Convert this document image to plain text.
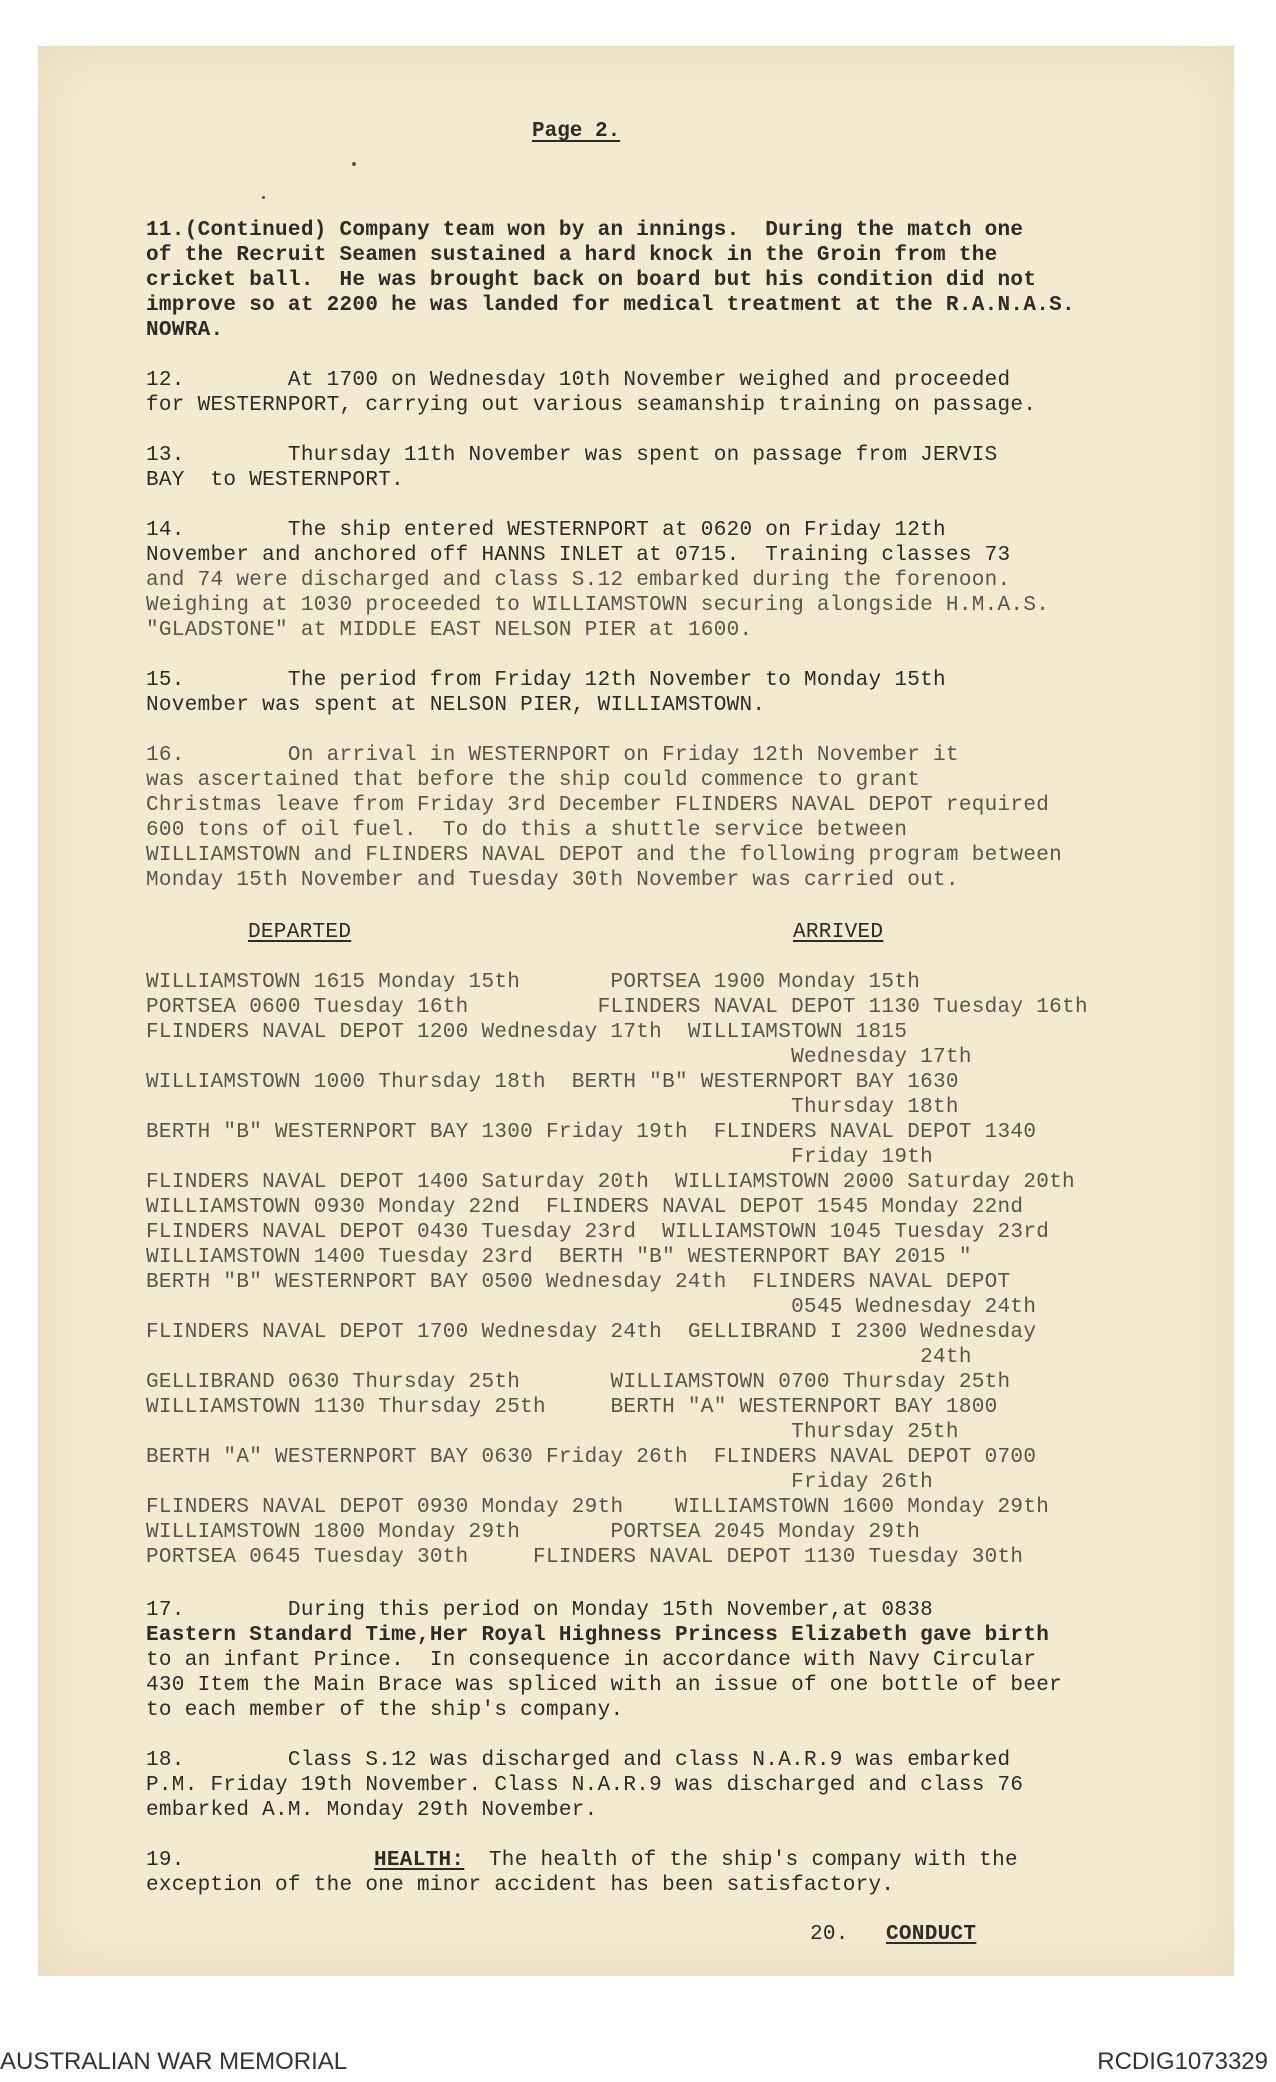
Page 2.
11.(Continued) Company team won by an innings.  During the match one
of the Recruit Seamen sustained a hard knock in the Groin from the
cricket ball.  He was brought back on board but his condition did not
improve so at 2200 he was landed for medical treatment at the R.A.N.A.S.
NOWRA.
12.        At 1700 on Wednesday 10th November weighed and proceeded
for WESTERNPORT, carrying out various seamanship training on passage.
13.        Thursday 11th November was spent on passage from JERVIS
BAY  to WESTERNPORT.
14.        The ship entered WESTERNPORT at 0620 on Friday 12th
November and anchored off HANNS INLET at 0715.  Training classes 73
and 74 were discharged and class S.12 embarked during the forenoon.
Weighing at 1030 proceeded to WILLIAMSTOWN securing alongside H.M.A.S.
"GLADSTONE" at MIDDLE EAST NELSON PIER at 1600.
15.        The period from Friday 12th November to Monday 15th
November was spent at NELSON PIER, WILLIAMSTOWN.
16.        On arrival in WESTERNPORT on Friday 12th November it
was ascertained that before the ship could commence to grant
Christmas leave from Friday 3rd December FLINDERS NAVAL DEPOT required
600 tons of oil fuel.  To do this a shuttle service between
WILLIAMSTOWN and FLINDERS NAVAL DEPOT and the following program between
Monday 15th November and Tuesday 30th November was carried out.
DEPARTED	ARRIVED
WILLIAMSTOWN 1615 Monday 15th       PORTSEA 1900 Monday 15th
PORTSEA 0600 Tuesday 16th          FLINDERS NAVAL DEPOT 1130 Tuesday 16th
FLINDERS NAVAL DEPOT 1200 Wednesday 17th  WILLIAMSTOWN 1815
Wednesday 17th
WILLIAMSTOWN 1000 Thursday 18th  BERTH "B" WESTERNPORT BAY 1630
Thursday 18th
BERTH "B" WESTERNPORT BAY 1300 Friday 19th  FLINDERS NAVAL DEPOT 1340
Friday 19th
FLINDERS NAVAL DEPOT 1400 Saturday 20th  WILLIAMSTOWN 2000 Saturday 20th
WILLIAMSTOWN 0930 Monday 22nd  FLINDERS NAVAL DEPOT 1545 Monday 22nd
FLINDERS NAVAL DEPOT 0430 Tuesday 23rd  WILLIAMSTOWN 1045 Tuesday 23rd
WILLIAMSTOWN 1400 Tuesday 23rd  BERTH "B" WESTERNPORT BAY 2015 "
BERTH "B" WESTERNPORT BAY 0500 Wednesday 24th  FLINDERS NAVAL DEPOT
0545 Wednesday 24th
FLINDERS NAVAL DEPOT 1700 Wednesday 24th  GELLIBRAND I 2300 Wednesday
24th
GELLIBRAND 0630 Thursday 25th       WILLIAMSTOWN 0700 Thursday 25th
WILLIAMSTOWN 1130 Thursday 25th     BERTH "A" WESTERNPORT BAY 1800
Thursday 25th
BERTH "A" WESTERNPORT BAY 0630 Friday 26th  FLINDERS NAVAL DEPOT 0700
Friday 26th
FLINDERS NAVAL DEPOT 0930 Monday 29th    WILLIAMSTOWN 1600 Monday 29th
WILLIAMSTOWN 1800 Monday 29th       PORTSEA 2045 Monday 29th
PORTSEA 0645 Tuesday 30th     FLINDERS NAVAL DEPOT 1130 Tuesday 30th
17.        During this period on Monday 15th November,at 0838
Eastern Standard Time,Her Royal Highness Princess Elizabeth gave birth
to an infant Prince.  In consequence in accordance with Navy Circular
430 Item the Main Brace was spliced with an issue of one bottle of beer
to each member of the ship's company.
18.        Class S.12 was discharged and class N.A.R.9 was embarked
P.M. Friday 19th November. Class N.A.R.9 was discharged and class 76
embarked A.M. Monday 29th November.
19.	HEALTH: The health of the ship's company with the
exception of the one minor accident has been satisfactory.
20. CONDUCT
AUSTRALIAN WAR MEMORIAL	RCDIG1073329
